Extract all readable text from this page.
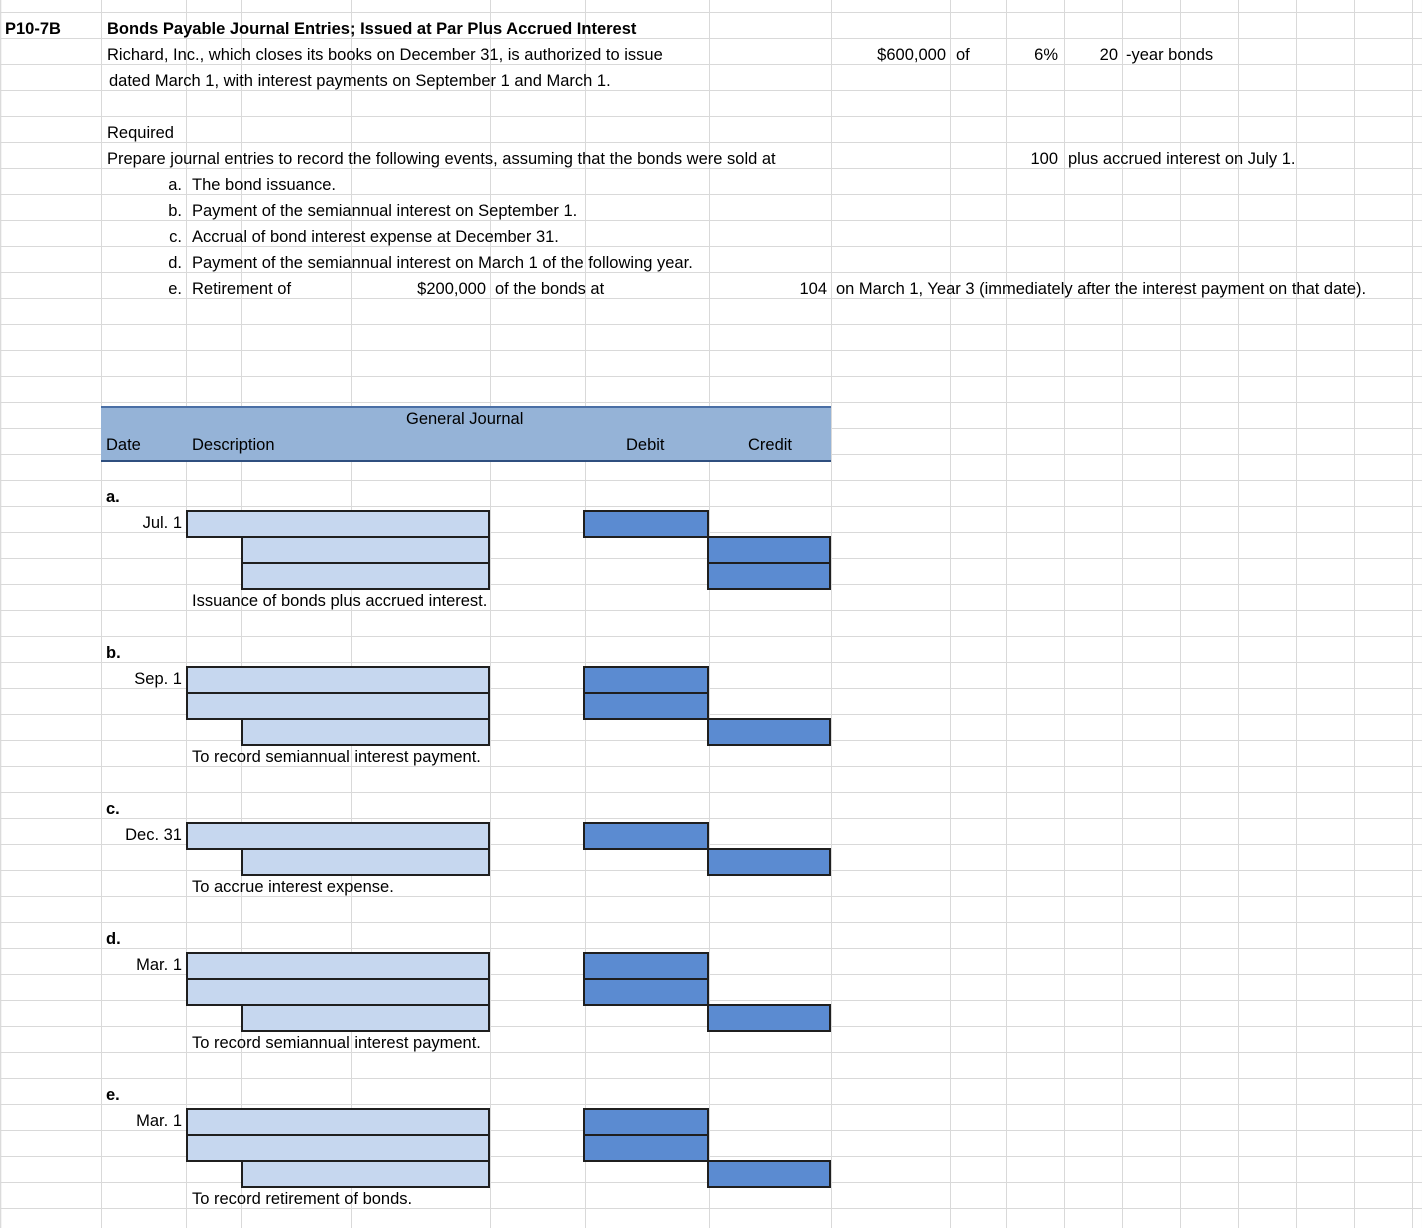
P10-7B	Bonds Payable Journal Entries; Issued at Par Plus Accrued Interest
Richard, Inc., which closes its books on December 31, is authorized to issue	$600,000 of	6%	20 -year bonds
dated March 1, with interest payments on September 1 and March 1.
Required
Prepare journal entries to record the following events, assuming that the bonds were sold at	100 plus accrued interest on July 1.
a. The bond issuance.
b. Payment of the semiannual interest on September 1.
c. Accrual of bond interest expense at December 31.
d. Payment of the semiannual interest on March 1 of the following year.
e. Retirement of	$200,000 of the bonds at	104 on March 1, Year 3 (immediately after the interest payment on that date).
General Journal
Date	Description	Debit	Credit
a.
Jul. 1
Issuance of bonds plus accrued interest.
b.
Sep. 1
To record semiannual interest payment.
c.
Dec. 31
To accrue interest expense.
d.
Mar. 1
To record semiannual interest payment.
e.
Mar. 1
To record retirement of bonds.
